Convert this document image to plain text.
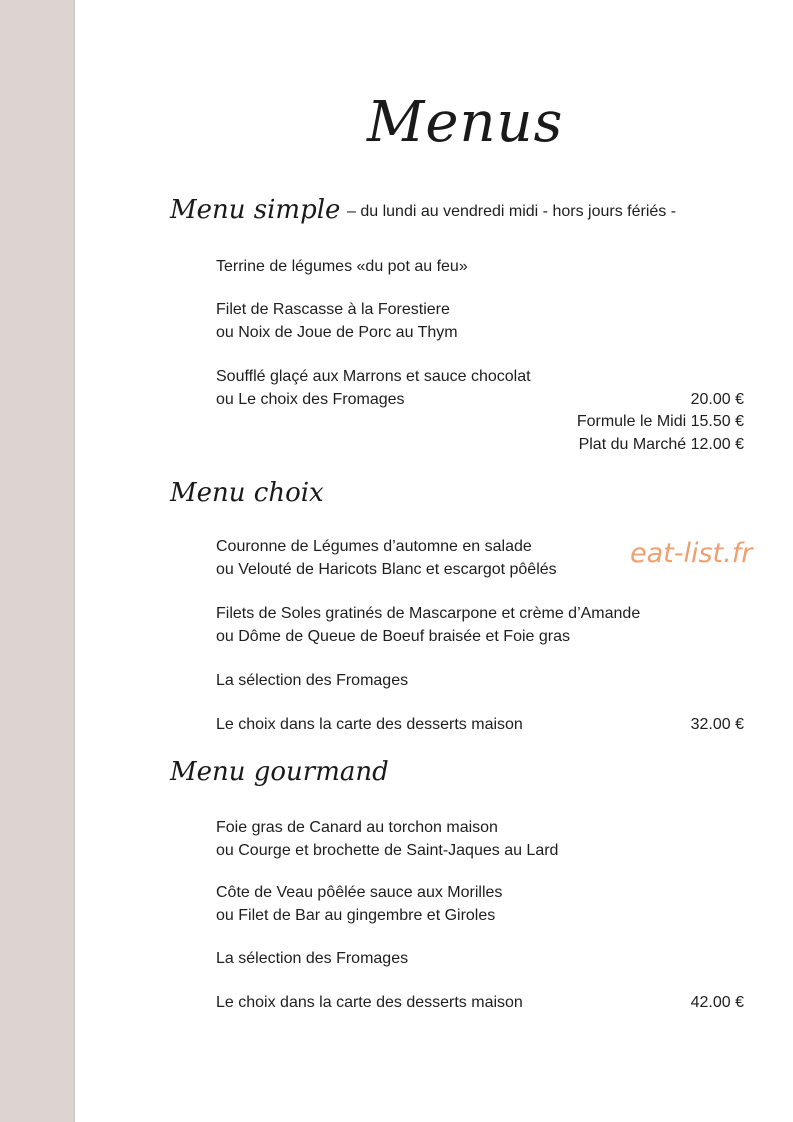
Menus
Menu simple – du lundi au vendredi midi - hors jours fériés -
Terrine de légumes «du pot au feu»
Filet de Rascasse à la Forestiere
ou Noix de Joue de Porc au Thym
Soufflé glaçé aux Marrons et sauce chocolat
ou Le choix des Fromages	20.00 €
Formule le Midi 15.50 €
Plat du Marché 12.00 €
Menu choix
Couronne de Légumes d’automne en salade
ou Velouté de Haricots Blanc et escargot pôêlés
eat-list.fr
Filets de Soles gratinés de Mascarpone et crème d’Amande
ou Dôme de Queue de Boeuf braisée et Foie gras
La sélection des Fromages
Le choix dans la carte des desserts maison	32.00 €
Menu gourmand
Foie gras de Canard au torchon maison
ou Courge et brochette de Saint-Jaques au Lard
Côte de Veau pôêlée sauce aux Morilles
ou Filet de Bar au gingembre et Giroles
La sélection des Fromages
Le choix dans la carte des desserts maison	42.00 €
